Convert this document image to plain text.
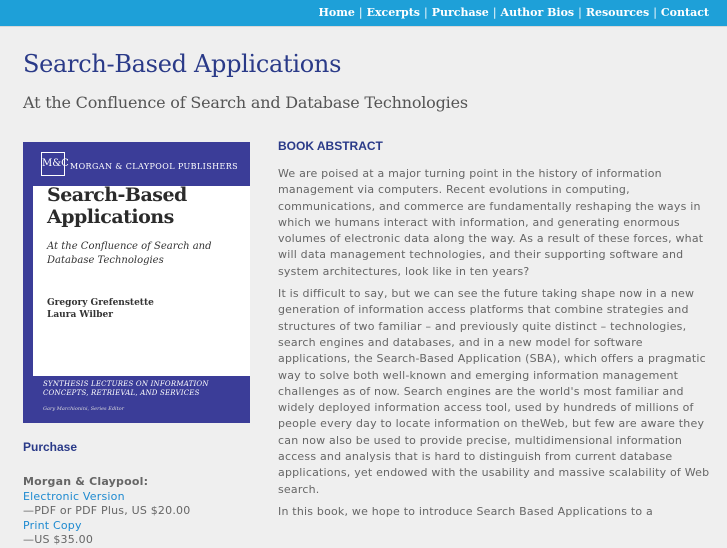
Home | Excerpts | Purchase | Author Bios | Resources | Contact
Search-Based Applications
At the Confluence of Search and Database Technologies
M&C MORGAN & CLAYPOOL PUBLISHERS
Search-Based Applications
At the Confluence of Search and Database Technologies
Gregory Grefenstette
Laura Wilber
SYNTHESIS LECTURES ON INFORMATION CONCEPTS, RETRIEVAL, AND SERVICES
Gary Marchionini, Series Editor
Purchase
Morgan & Claypool:
Electronic Version
—PDF or PDF Plus, US $20.00
Print Copy
—US $35.00
BOOK ABSTRACT

We are poised at a major turning point in the history of information management via computers. Recent evolutions in computing, communications, and commerce are fundamentally reshaping the ways in which we humans interact with information, and generating enormous volumes of electronic data along the way. As a result of these forces, what will data management technologies, and their supporting software and system architectures, look like in ten years?

It is difficult to say, but we can see the future taking shape now in a new generation of information access platforms that combine strategies and structures of two familiar – and previously quite distinct – technologies, search engines and databases, and in a new model for software applications, the Search-Based Application (SBA), which offers a pragmatic way to solve both well-known and emerging information management challenges as of now. Search engines are the world's most familiar and widely deployed information access tool, used by hundreds of millions of people every day to locate information on theWeb, but few are aware they can now also be used to provide precise, multidimensional information access and analysis that is hard to distinguish from current database applications, yet endowed with the usability and massive scalability of Web search.

In this book, we hope to introduce Search Based Applications to a
